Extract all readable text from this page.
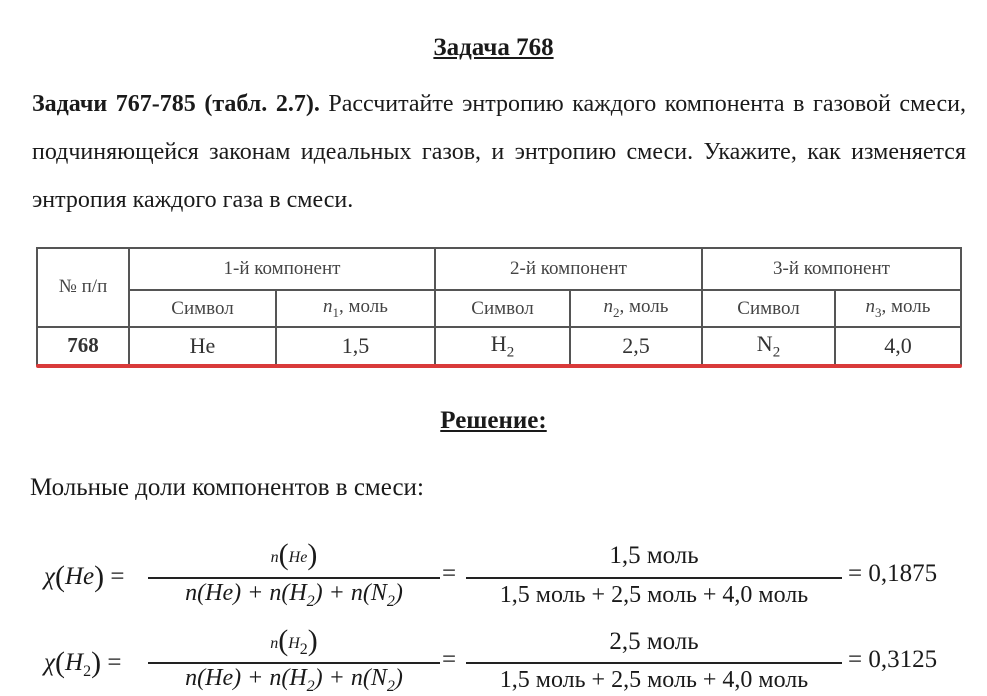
Задача 768
Задачи 767-785 (табл. 2.7). Рассчитайте энтропию каждого компонента в газовой смеси, подчиняющейся законам идеальных газов, и энтропию смеси. Укажите, как изменяется энтропия каждого газа в смеси.
№ п/п	1-й компонент		2-й компонент		3-й компонент	
	Символ	$n_1$, моль	Символ	$n_2$, моль	Символ	$n_3$, моль
768	He	1,5	$H_2$	2,5	$N_2$	4,0
Решение:
Мольные доли компонентов в смеси:
χ(He) =
n(He)
$n(He) + n(H_2) + n(N_2)$
=
1,5 моль
1,5 моль + 2,5 моль + 4,0 моль
= 0,1875
$\chi(H_2)$ =
n(H2)
$n(He) + n(H_2) + n(N_2)$
=
2,5 моль
1,5 моль + 2,5 моль + 4,0 моль
= 0,3125
